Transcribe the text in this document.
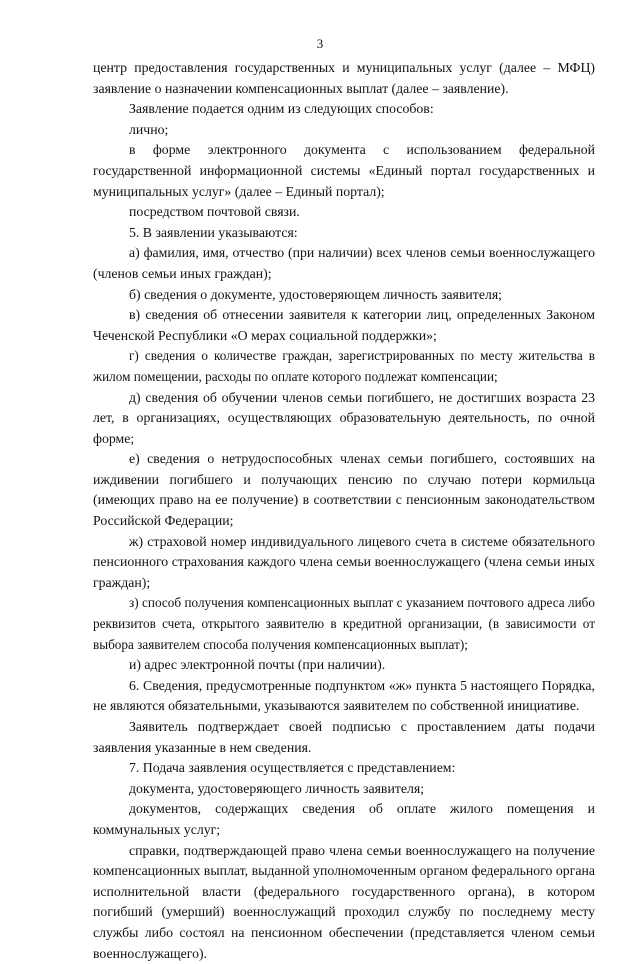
3

центр предоставления государственных и муниципальных услуг (далее – МФЦ) заявление о назначении компенсационных выплат (далее – заявление).

Заявление подается одним из следующих способов:

лично;

в форме электронного документа с использованием федеральной государственной информационной системы «Единый портал государственных и муниципальных услуг» (далее – Единый портал);

посредством почтовой связи.

5. В заявлении указываются:

а) фамилия, имя, отчество (при наличии) всех членов семьи военнослужащего (членов семьи иных граждан);

б) сведения о документе, удостоверяющем личность заявителя;

в) сведения об отнесении заявителя к категории лиц, определенных Законом Чеченской Республики «О мерах социальной поддержки»;

г) сведения о количестве граждан, зарегистрированных по месту жительства в жилом помещении, расходы по оплате которого подлежат компенсации;

д) сведения об обучении членов семьи погибшего, не достигших возраста 23 лет, в организациях, осуществляющих образовательную деятельность, по очной форме;

е) сведения о нетрудоспособных членах семьи погибшего, состоявших на иждивении погибшего и получающих пенсию по случаю потери кормильца (имеющих право на ее получение) в соответствии с пенсионным законодательством Российской Федерации;

ж) страховой номер индивидуального лицевого счета в системе обязательного пенсионного страхования каждого члена семьи военнослужащего (члена семьи иных граждан);

з) способ получения компенсационных выплат с указанием почтового адреса либо реквизитов счета, открытого заявителю в кредитной организации, (в зависимости от выбора заявителем способа получения компенсационных выплат);

и) адрес электронной почты (при наличии).

6. Сведения, предусмотренные подпунктом «ж» пункта 5 настоящего Порядка, не являются обязательными, указываются заявителем по собственной инициативе.

Заявитель подтверждает своей подписью с проставлением даты подачи заявления указанные в нем сведения.

7. Подача заявления осуществляется с представлением:

документа, удостоверяющего личность заявителя;

документов, содержащих сведения об оплате жилого помещения и коммунальных услуг;

справки, подтверждающей право члена семьи военнослужащего на получение компенсационных выплат, выданной уполномоченным органом федерального органа исполнительной власти (федерального государственного органа), в котором погибший (умерший) военнослужащий проходил службу по последнему месту службы либо состоял на пенсионном обеспечении (представляется членом семьи военнослужащего).
